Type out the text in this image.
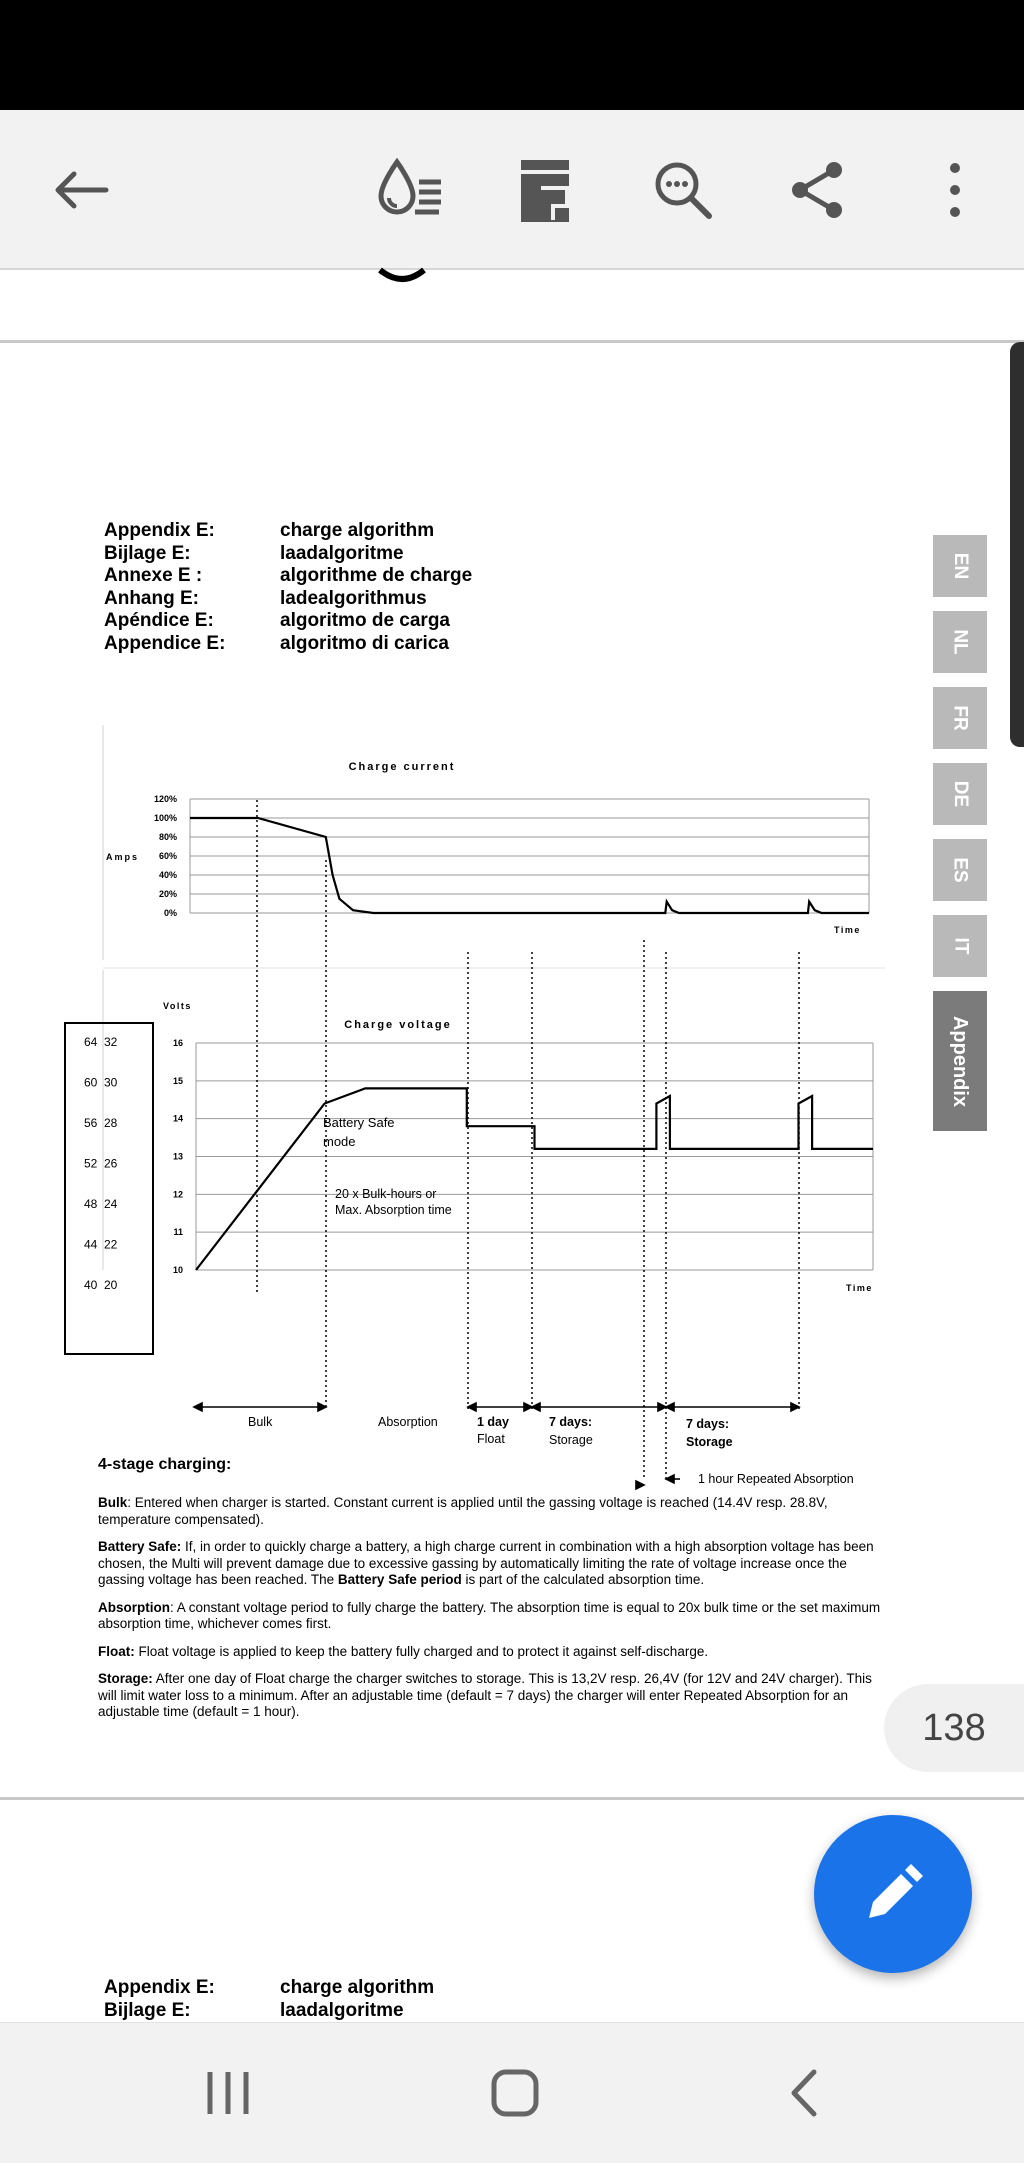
Appendix E:	charge algorithm
Bijlage E:	laadalgoritme
Annexe E :	algorithme de charge
Anhang E:	ladealgorithmus
Apéndice E:	algoritmo de carga
Appendice E:	algoritmo di carica
EN
NL
FR
DE
ES
IT
Appendix
Charge current
Amps
Time
120%
100%
80%
60%
40%
20%
0%
Volts
Charge voltage
Time
64 32
60 30
56 28
52 26
48 24
44 22
40 20
16
15
14
13
12
11
10
Battery Safe
mode
20 x Bulk-hours or
Max. Absorption time
Bulk	Absorption	1 day
Float
7 days:
Storage
7 days:
Storage
1 hour Repeated Absorption
4-stage charging:

Bulk: Entered when charger is started. Constant current is applied until the gassing voltage is reached (14.4V resp. 28.8V, temperature compensated).

Battery Safe: If, in order to quickly charge a battery, a high charge current in combination with a high absorption voltage has been chosen, the Multi will prevent damage due to excessive gassing by automatically limiting the rate of voltage increase once the gassing voltage has been reached. The Battery Safe period is part of the calculated absorption time.

Absorption: A constant voltage period to fully charge the battery. The absorption time is equal to 20x bulk time or the set maximum absorption time, whichever comes first.

Float: Float voltage is applied to keep the battery fully charged and to protect it against self-discharge.

Storage: After one day of Float charge the charger switches to storage. This is 13,2V resp. 26,4V (for 12V and 24V charger). This will limit water loss to a minimum. After an adjustable time (default = 7 days) the charger will enter Repeated Absorption for an adjustable time (default = 1 hour).	138
Appendix E:	charge algorithm
Bijlage E:	laadalgoritme
